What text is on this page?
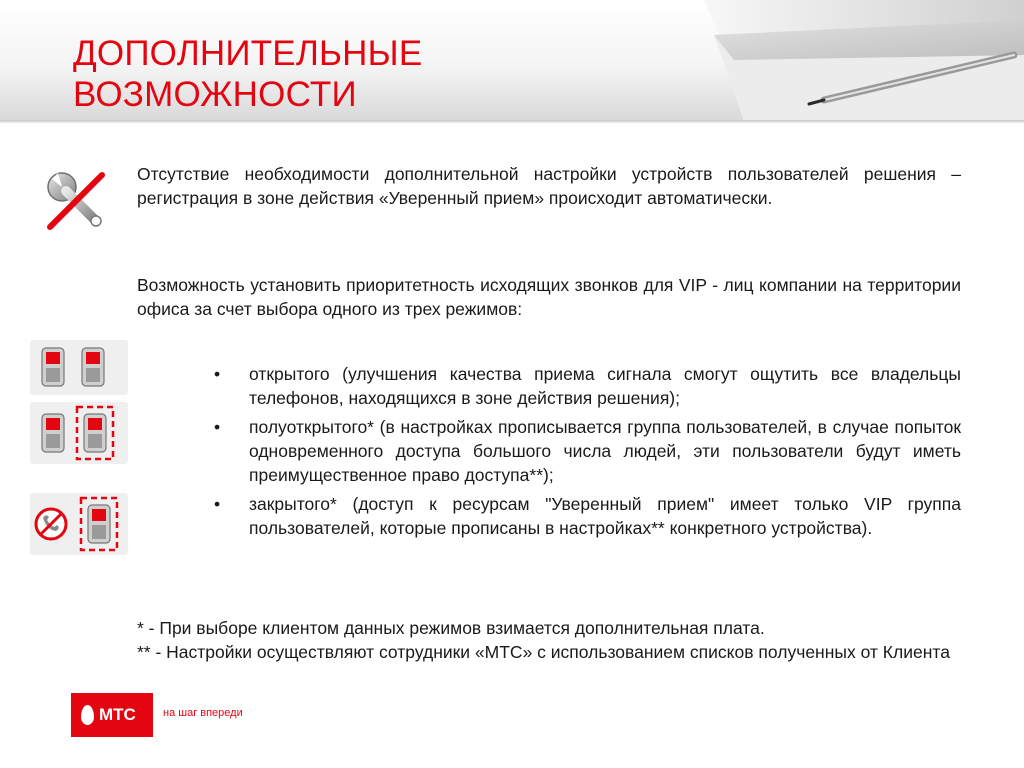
ДОПОЛНИТЕЛЬНЫЕ
ВОЗМОЖНОСТИ

Отсутствие необходимости дополнительной настройки устройств пользователей решения – регистрация в зоне действия «Уверенный прием» происходит автоматически.

Возможность установить приоритетность исходящих звонков для VIP - лиц компании на территории офиса за счет выбора одного из трех режимов:

• открытого (улучшения качества приема сигнала смогут ощутить все владельцы телефонов, находящихся в зоне действия решения);
• полуоткрытого* (в настройках прописывается группа пользователей, в случае попыток одновременного доступа большого числа людей, эти пользователи будут иметь преимущественное право доступа**);
• закрытого* (доступ к ресурсам "Уверенный прием" имеет только VIP группа пользователей, которые прописаны в настройках** конкретного устройства).
* - При выборе клиентом данных режимов взимается дополнительная плата.
** - Настройки осуществляют сотрудники «МТС» с использованием списков полученных от Клиента
МТС на шаг впереди
